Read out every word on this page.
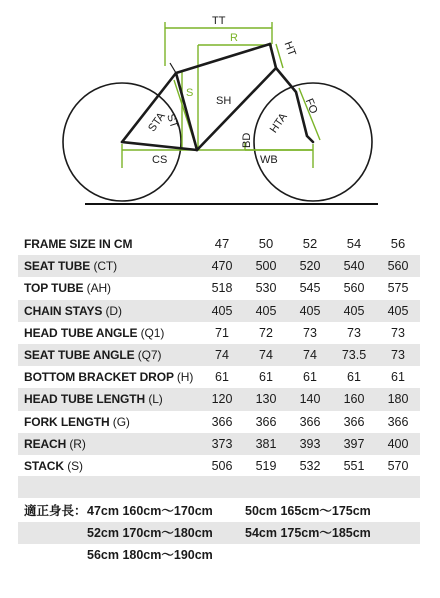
TT
R
HT
S
SH	FO
STA
ST	HTA
BD
CS	WB
FRAME SIZE IN CM	47	50	52	54	56
SEAT TUBE (CT)	470	500	520	540	560
TOP TUBE (AH)	518	530	545	560	575
CHAIN STAYS (D)	405	405	405	405	405
HEAD TUBE ANGLE (Q1)	71	72	73	73	73
SEAT TUBE ANGLE (Q7)	74	74	74	73.5	73
BOTTOM BRACKET DROP (H)	61	61	61	61	61
HEAD TUBE LENGTH (L)	120	130	140	160	180
FORK LENGTH (G)	366	366	366	366	366
REACH (R)	373	381	393	397	400
STACK (S)	506	519	532	551	570
適正身長：47cm 160cm〜170cm	50cm 165cm〜175cm
52cm 170cm〜180cm	54cm 175cm〜185cm
56cm 180cm〜190cm
